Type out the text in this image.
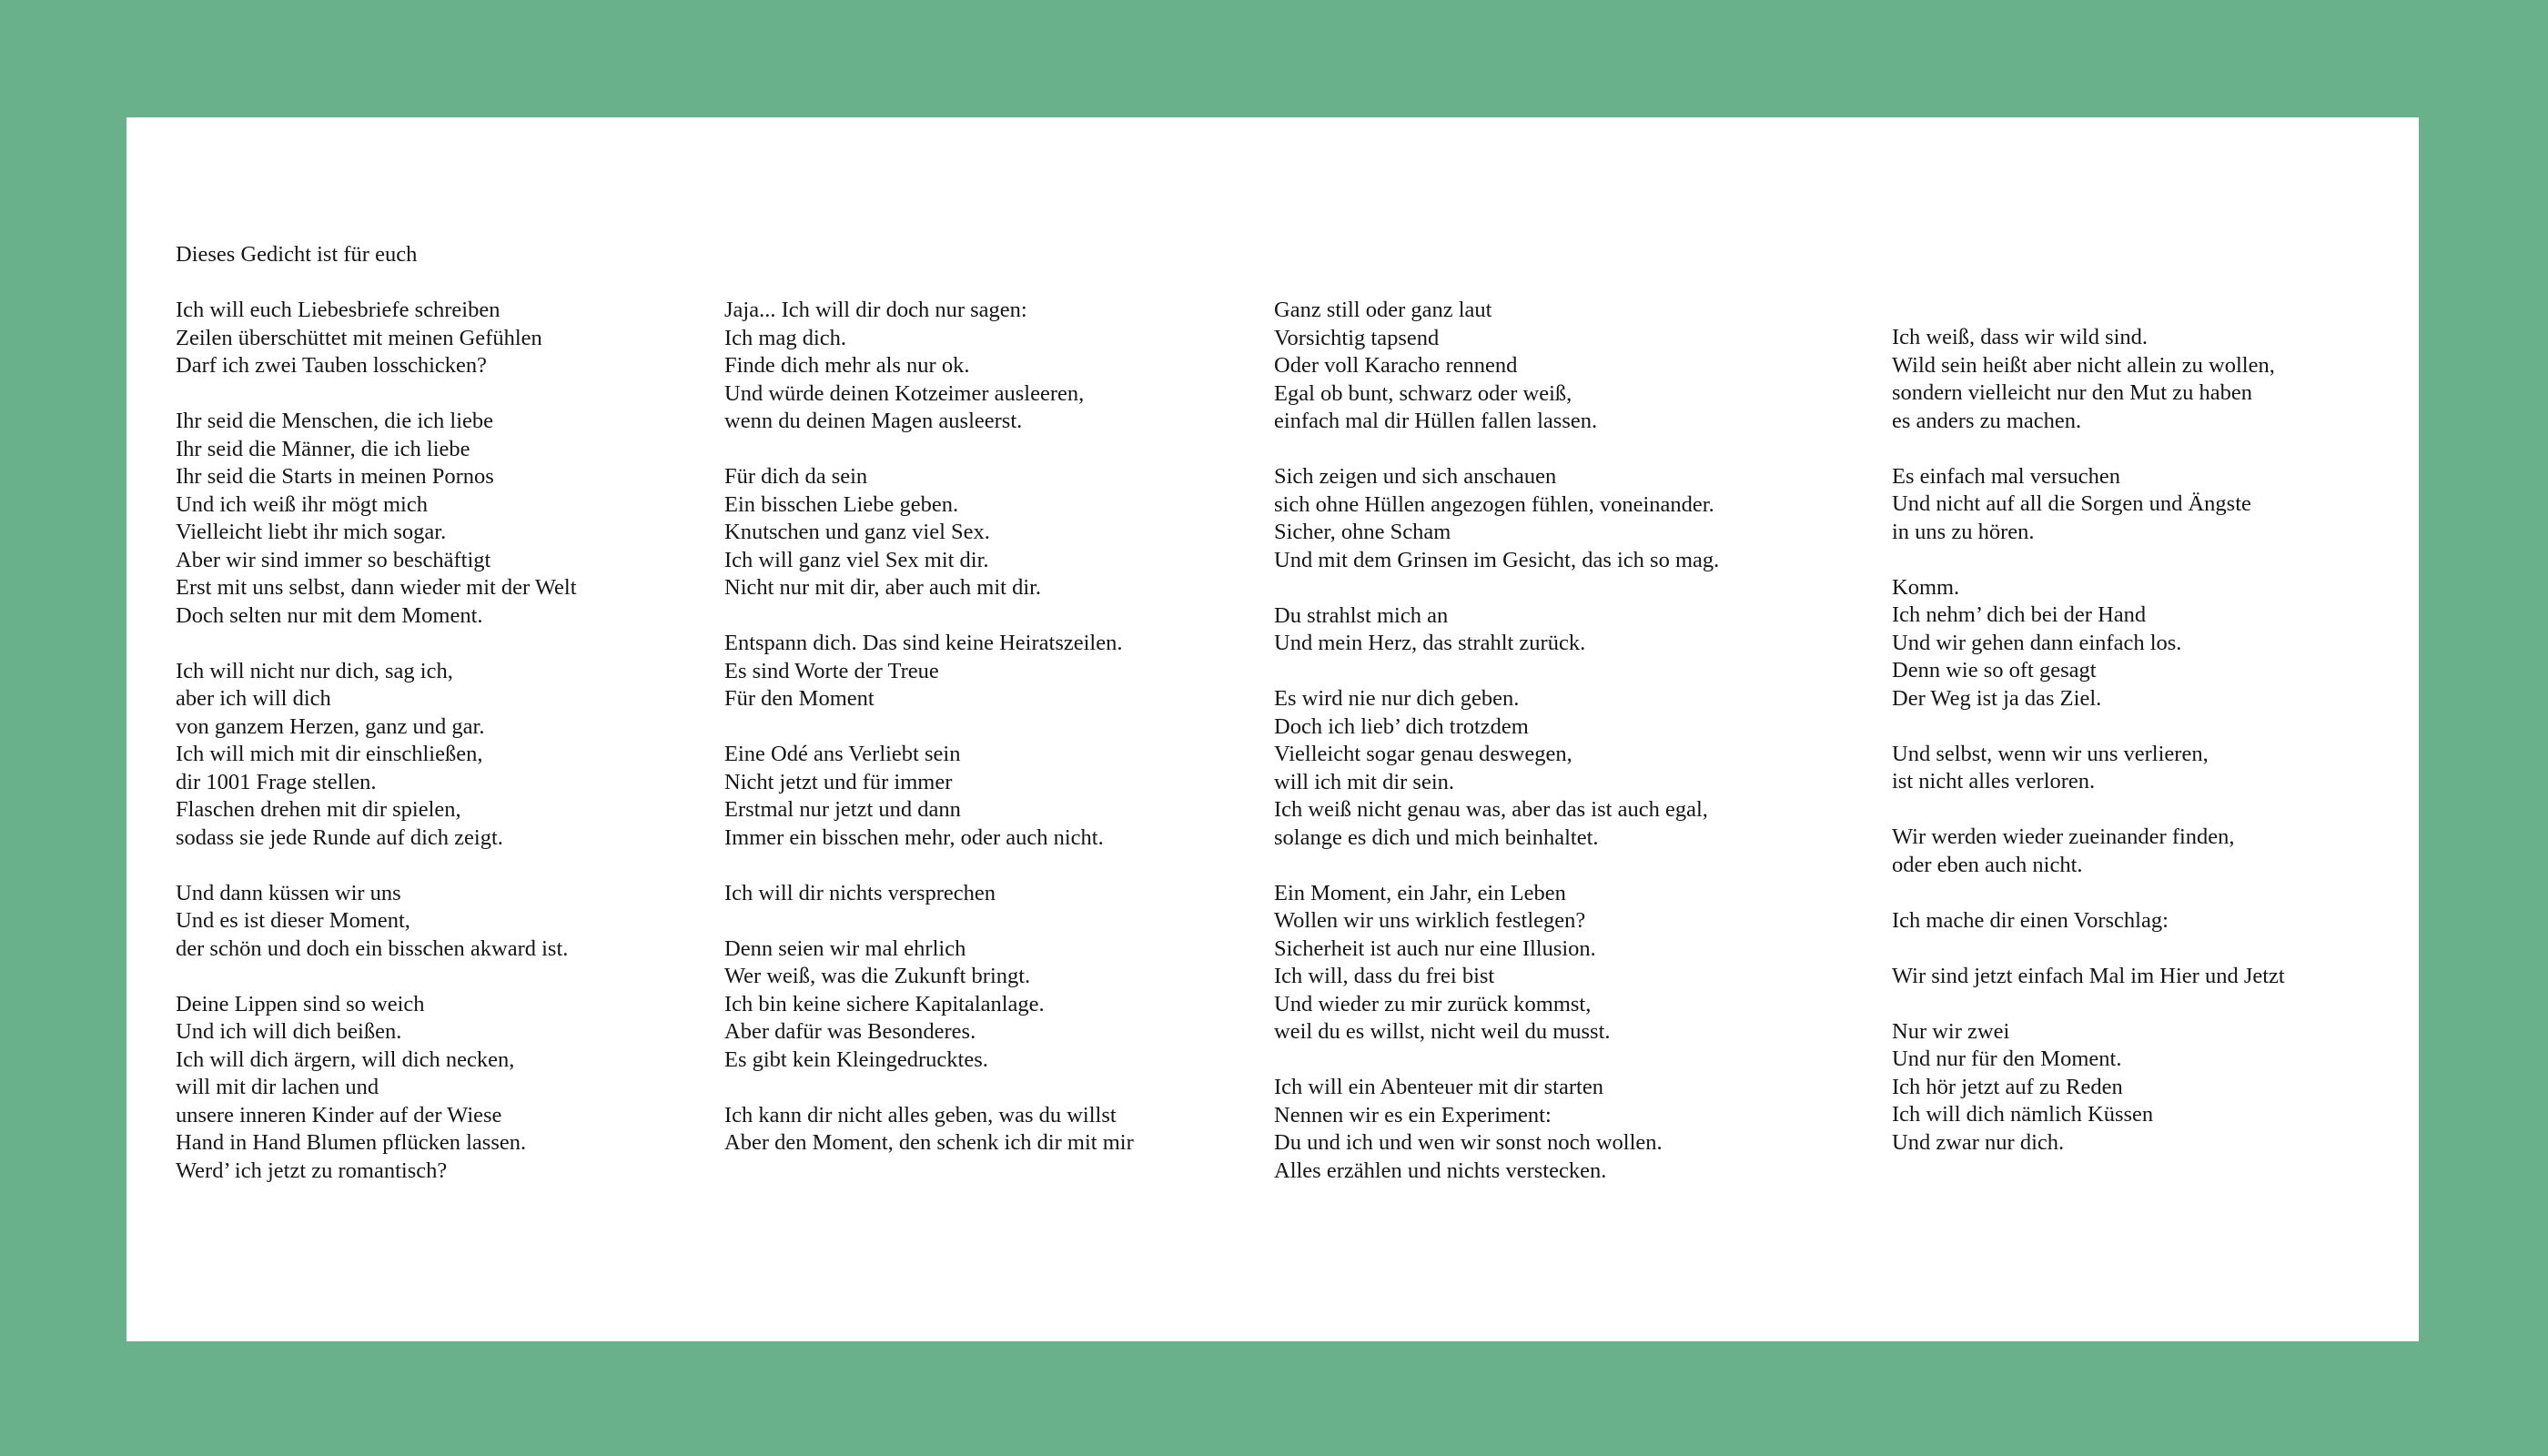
Dieses Gedicht ist für euch

Ich will euch Liebesbriefe schreiben
Zeilen überschüttet mit meinen Gefühlen
Darf ich zwei Tauben losschicken?

Ihr seid die Menschen, die ich liebe
Ihr seid die Männer, die ich liebe
Ihr seid die Starts in meinen Pornos
Und ich weiß ihr mögt mich
Vielleicht liebt ihr mich sogar.
Aber wir sind immer so beschäftigt
Erst mit uns selbst, dann wieder mit der Welt
Doch selten nur mit dem Moment.

Ich will nicht nur dich, sag ich,
aber ich will dich
von ganzem Herzen, ganz und gar.
Ich will mich mit dir einschließen,
dir 1001 Frage stellen.
Flaschen drehen mit dir spielen,
sodass sie jede Runde auf dich zeigt.

Und dann küssen wir uns
Und es ist dieser Moment,
der schön und doch ein bisschen akward ist.

Deine Lippen sind so weich
Und ich will dich beißen.
Ich will dich ärgern, will dich necken,
will mit dir lachen und
unsere inneren Kinder auf der Wiese
Hand in Hand Blumen pflücken lassen.
Werd’ ich jetzt zu romantisch?

Jaja... Ich will dir doch nur sagen:
Ich mag dich.
Finde dich mehr als nur ok.
Und würde deinen Kotzeimer ausleeren,
wenn du deinen Magen ausleerst.

Für dich da sein
Ein bisschen Liebe geben.
Knutschen und ganz viel Sex.
Ich will ganz viel Sex mit dir.
Nicht nur mit dir, aber auch mit dir.

Entspann dich. Das sind keine Heiratszeilen.
Es sind Worte der Treue
Für den Moment

Eine Odé ans Verliebt sein
Nicht jetzt und für immer
Erstmal nur jetzt und dann
Immer ein bisschen mehr, oder auch nicht.

Ich will dir nichts versprechen

Denn seien wir mal ehrlich
Wer weiß, was die Zukunft bringt.
Ich bin keine sichere Kapitalanlage.
Aber dafür was Besonderes.
Es gibt kein Kleingedrucktes.

Ich kann dir nicht alles geben, was du willst
Aber den Moment, den schenk ich dir mit mir

Ganz still oder ganz laut
Vorsichtig tapsend
Oder voll Karacho rennend
Egal ob bunt, schwarz oder weiß,
einfach mal dir Hüllen fallen lassen.

Sich zeigen und sich anschauen
sich ohne Hüllen angezogen fühlen, voneinander.
Sicher, ohne Scham
Und mit dem Grinsen im Gesicht, das ich so mag.

Du strahlst mich an
Und mein Herz, das strahlt zurück.

Es wird nie nur dich geben.
Doch ich lieb’ dich trotzdem
Vielleicht sogar genau deswegen,
will ich mit dir sein.
Ich weiß nicht genau was, aber das ist auch egal,
solange es dich und mich beinhaltet.

Ein Moment, ein Jahr, ein Leben
Wollen wir uns wirklich festlegen?
Sicherheit ist auch nur eine Illusion.
Ich will, dass du frei bist
Und wieder zu mir zurück kommst,
weil du es willst, nicht weil du musst.

Ich will ein Abenteuer mit dir starten
Nennen wir es ein Experiment:
Du und ich und wen wir sonst noch wollen.
Alles erzählen und nichts verstecken.

Ich weiß, dass wir wild sind.
Wild sein heißt aber nicht allein zu wollen,
sondern vielleicht nur den Mut zu haben
es anders zu machen.

Es einfach mal versuchen
Und nicht auf all die Sorgen und Ängste
in uns zu hören.

Komm.
Ich nehm’ dich bei der Hand
Und wir gehen dann einfach los.
Denn wie so oft gesagt
Der Weg ist ja das Ziel.

Und selbst, wenn wir uns verlieren,
ist nicht alles verloren.

Wir werden wieder zueinander finden,
oder eben auch nicht.

Ich mache dir einen Vorschlag:

Wir sind jetzt einfach Mal im Hier und Jetzt

Nur wir zwei
Und nur für den Moment.
Ich hör jetzt auf zu Reden
Ich will dich nämlich Küssen
Und zwar nur dich.
